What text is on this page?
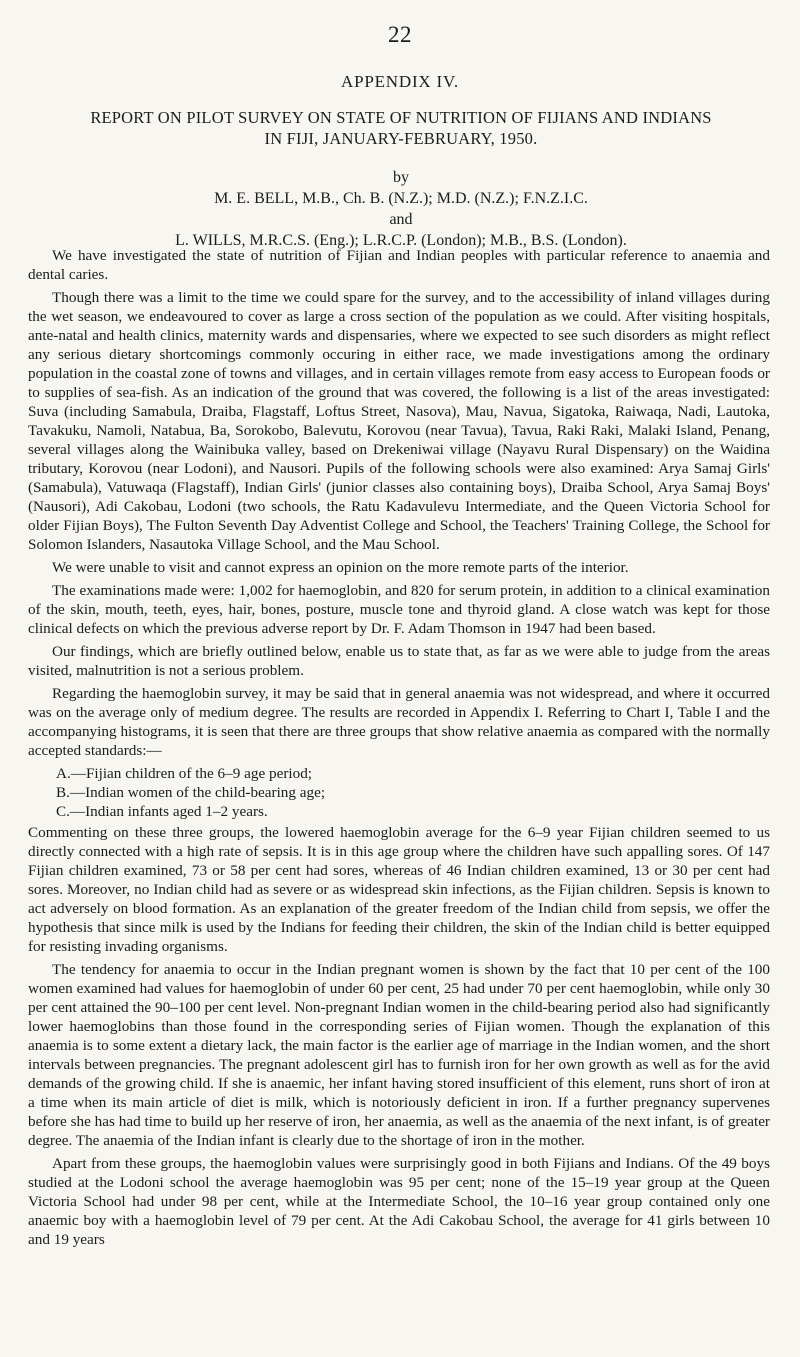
22
APPENDIX IV.
REPORT ON PILOT SURVEY ON STATE OF NUTRITION OF FIJIANS AND INDIANS
IN FIJI, JANUARY-FEBRUARY, 1950.
by
M. E. BELL, M.B., Ch. B. (N.Z.); M.D. (N.Z.); F.N.Z.I.C.
and
L. WILLS, M.R.C.S. (Eng.); L.R.C.P. (London); M.B., B.S. (London).

We have investigated the state of nutrition of Fijian and Indian peoples with particular reference to anaemia and dental caries.

Though there was a limit to the time we could spare for the survey, and to the accessibility of inland villages during the wet season, we endeavoured to cover as large a cross section of the population as we could. After visiting hospitals, ante-natal and health clinics, maternity wards and dispensaries, where we expected to see such disorders as might reflect any serious dietary shortcomings commonly occuring in either race, we made investigations among the ordinary population in the coastal zone of towns and villages, and in certain villages remote from easy access to European foods or to supplies of sea-fish. As an indication of the ground that was covered, the following is a list of the areas investigated: Suva (including Samabula, Draiba, Flagstaff, Loftus Street, Nasova), Mau, Navua, Sigatoka, Raiwaqa, Nadi, Lautoka, Tavakuku, Namoli, Natabua, Ba, Sorokobo, Balevutu, Korovou (near Tavua), Tavua, Raki Raki, Malaki Island, Penang, several villages along the Wainibuka valley, based on Drekeniwai village (Nayavu Rural Dispensary) on the Waidina tributary, Korovou (near Lodoni), and Nausori. Pupils of the following schools were also examined: Arya Samaj Girls' (Samabula), Vatuwaqa (Flagstaff), Indian Girls' (junior classes also containing boys), Draiba School, Arya Samaj Boys' (Nausori), Adi Cakobau, Lodoni (two schools, the Ratu Kadavulevu Intermediate, and the Queen Victoria School for older Fijian Boys), The Fulton Seventh Day Adventist College and School, the Teachers' Training College, the School for Solomon Islanders, Nasautoka Village School, and the Mau School.

We were unable to visit and cannot express an opinion on the more remote parts of the interior.

The examinations made were: 1,002 for haemoglobin, and 820 for serum protein, in addition to a clinical examination of the skin, mouth, teeth, eyes, hair, bones, posture, muscle tone and thyroid gland. A close watch was kept for those clinical defects on which the previous adverse report by Dr. F. Adam Thomson in 1947 had been based.

Our findings, which are briefly outlined below, enable us to state that, as far as we were able to judge from the areas visited, malnutrition is not a serious problem.

Regarding the haemoglobin survey, it may be said that in general anaemia was not widespread, and where it occurred was on the average only of medium degree. The results are recorded in Appendix I. Referring to Chart I, Table I and the accompanying histograms, it is seen that there are three groups that show relative anaemia as compared with the normally accepted standards:—

A.—Fijian children of the 6–9 age period;
B.—Indian women of the child-bearing age;
C.—Indian infants aged 1–2 years.

Commenting on these three groups, the lowered haemoglobin average for the 6–9 year Fijian children seemed to us directly connected with a high rate of sepsis. It is in this age group where the children have such appalling sores. Of 147 Fijian children examined, 73 or 58 per cent had sores, whereas of 46 Indian children examined, 13 or 30 per cent had sores. Moreover, no Indian child had as severe or as widespread skin infections, as the Fijian children. Sepsis is known to act adversely on blood formation. As an explanation of the greater freedom of the Indian child from sepsis, we offer the hypothesis that since milk is used by the Indians for feeding their children, the skin of the Indian child is better equipped for resisting invading organisms.

The tendency for anaemia to occur in the Indian pregnant women is shown by the fact that 10 per cent of the 100 women examined had values for haemoglobin of under 60 per cent, 25 had under 70 per cent haemoglobin, while only 30 per cent attained the 90–100 per cent level. Non-pregnant Indian women in the child-bearing period also had significantly lower haemoglobins than those found in the corresponding series of Fijian women. Though the explanation of this anaemia is to some extent a dietary lack, the main factor is the earlier age of marriage in the Indian women, and the short intervals between pregnancies. The pregnant adolescent girl has to furnish iron for her own growth as well as for the avid demands of the growing child. If she is anaemic, her infant having stored insufficient of this element, runs short of iron at a time when its main article of diet is milk, which is notoriously deficient in iron. If a further pregnancy supervenes before she has had time to build up her reserve of iron, her anaemia, as well as the anaemia of the next infant, is of greater degree. The anaemia of the Indian infant is clearly due to the shortage of iron in the mother.

Apart from these groups, the haemoglobin values were surprisingly good in both Fijians and Indians. Of the 49 boys studied at the Lodoni school the average haemoglobin was 95 per cent; none of the 15–19 year group at the Queen Victoria School had under 98 per cent, while at the Intermediate School, the 10–16 year group contained only one anaemic boy with a haemoglobin level of 79 per cent. At the Adi Cakobau School, the average for 41 girls between 10 and 19 years
